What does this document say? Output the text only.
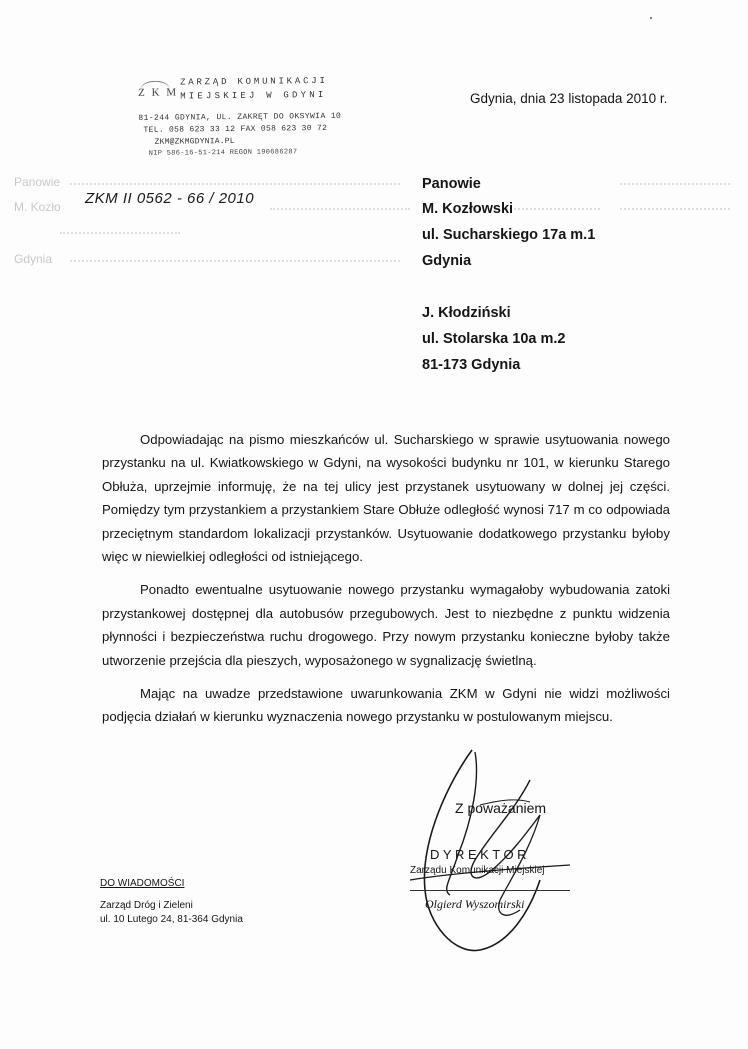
Z K M
ZARZĄD KOMUNIKACJI
MIEJSKIEJ W GDYNI
81-244 GDYNIA, UL. ZAKRĘT DO OKSYWIA 10
TEL. 058 623 33 12 FAX 058 623 30 72
ZKM@ZKMGDYNIA.PL
NIP 586-16-51-214 REGON 190686287
Panowie
M. Kozło
Gdynia
ZKM II 0562 - 66 / 2010
Gdynia, dnia 23 listopada 2010 r.
Panowie
M. Kozłowski
ul. Sucharskiego 17a m.1
Gdynia
J. Kłodziński
ul. Stolarska 10a m.2
81-173 Gdynia

Odpowiadając na pismo mieszkańców ul. Sucharskiego w sprawie usytuowania nowego przystanku na ul. Kwiatkowskiego w Gdyni, na wysokości budynku nr 101, w kierunku Starego Obłuża, uprzejmie informuję, że na tej ulicy jest przystanek usytuowany w dolnej jej części. Pomiędzy tym przystankiem a przystankiem Stare Obłuże odległość wynosi 717 m co odpowiada przeciętnym standardom lokalizacji przystanków. Usytuowanie dodatkowego przystanku byłoby więc w niewielkiej odległości od istniejącego.

Ponadto ewentualne usytuowanie nowego przystanku wymagałoby wybudowania zatoki przystankowej dostępnej dla autobusów przegubowych. Jest to niezbędne z punktu widzenia płynności i bezpieczeństwa ruchu drogowego. Przy nowym przystanku konieczne byłoby także utworzenie przejścia dla pieszych, wyposażonego w sygnalizację świetlną.

Mając na uwadze przedstawione uwarunkowania ZKM w Gdyni nie widzi możliwości podjęcia działań w kierunku wyznaczenia nowego przystanku w postulowanym miejscu.

Z poważaniem
DYREKTOR
Zarządu Komunikacji Miejskiej
Olgierd Wyszomirski
DO WIADOMOŚCI
Zarząd Dróg i Zieleni
ul. 10 Lutego 24, 81-364 Gdynia
